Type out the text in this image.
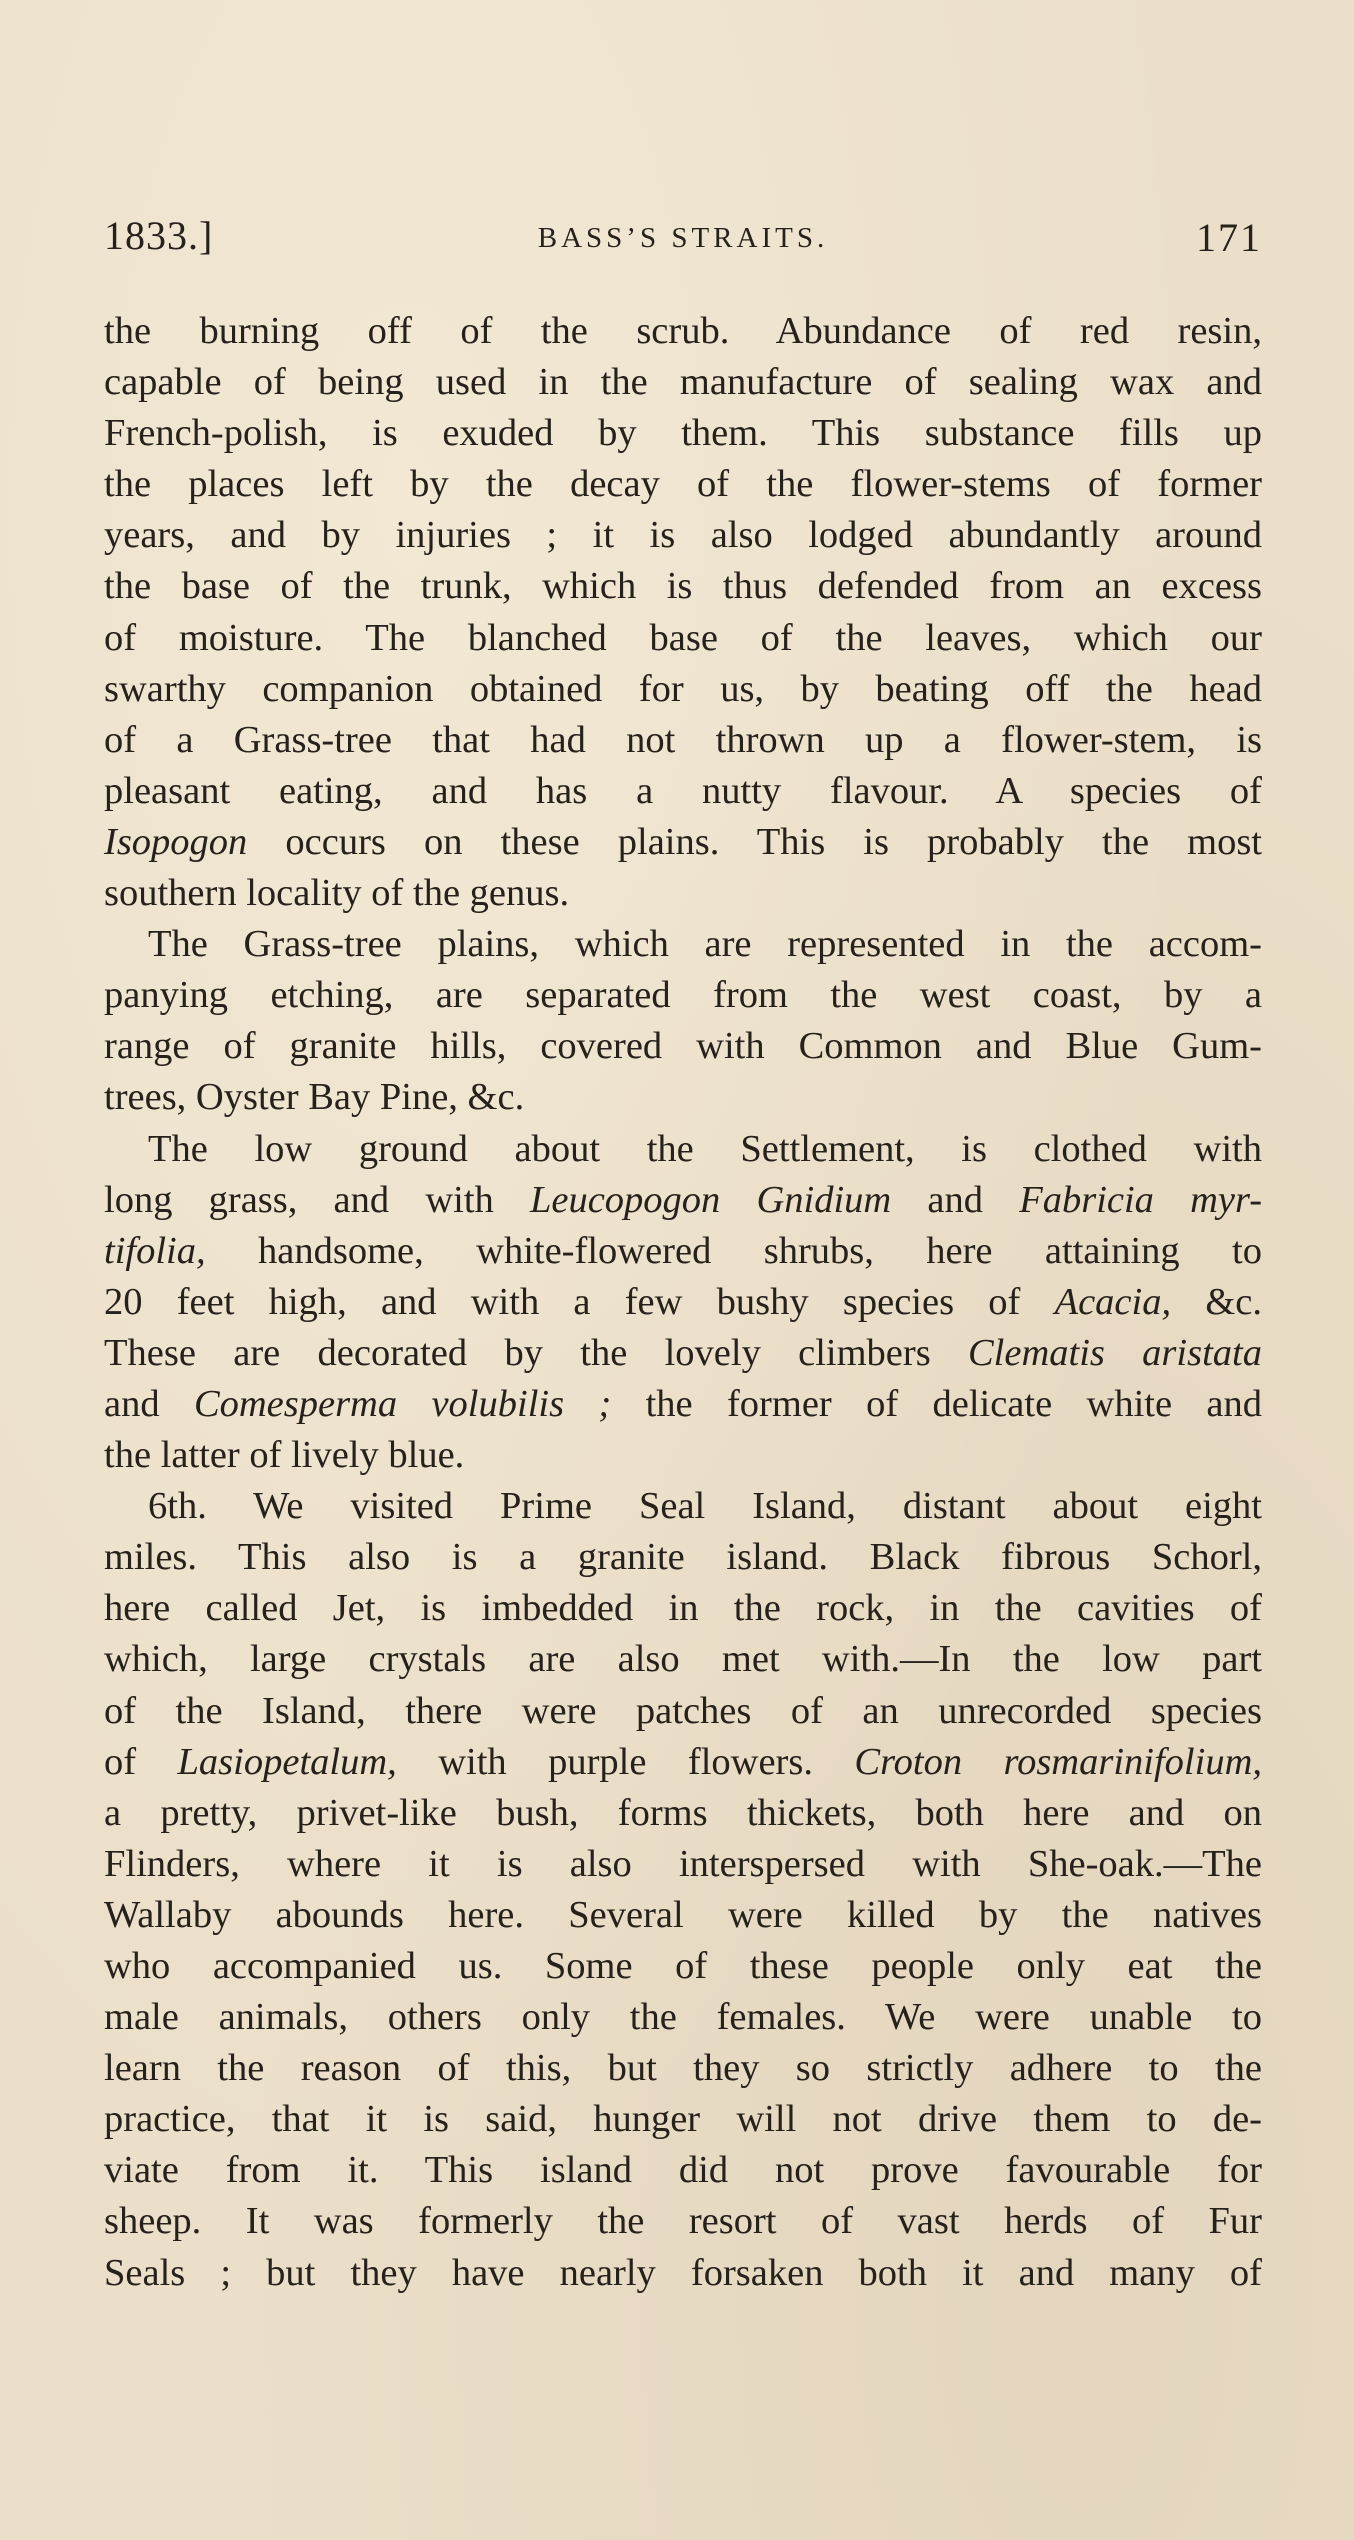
1833.]	BASS’S STRAITS.	171
the burning off of the scrub. Abundance of red resin,
capable of being used in the manufacture of sealing wax and
French-polish, is exuded by them. This substance fills up
the places left by the decay of the flower-stems of former
years, and by injuries ; it is also lodged abundantly around
the base of the trunk, which is thus defended from an excess
of moisture. The blanched base of the leaves, which our
swarthy companion obtained for us, by beating off the head
of a Grass-tree that had not thrown up a flower-stem, is
pleasant eating, and has a nutty flavour. A species of
Isopogon occurs on these plains. This is probably the most
southern locality of the genus.
The Grass-tree plains, which are represented in the accom-
panying etching, are separated from the west coast, by a
range of granite hills, covered with Common and Blue Gum-
trees, Oyster Bay Pine, &c.
The low ground about the Settlement, is clothed with
long grass, and with Leucopogon Gnidium and Fabricia myr-
tifolia, handsome, white-flowered shrubs, here attaining to
20 feet high, and with a few bushy species of Acacia, &c.
These are decorated by the lovely climbers Clematis aristata
and Comesperma volubilis ; the former of delicate white and
the latter of lively blue.
6th. We visited Prime Seal Island, distant about eight
miles. This also is a granite island. Black fibrous Schorl,
here called Jet, is imbedded in the rock, in the cavities of
which, large crystals are also met with.—In the low part
of the Island, there were patches of an unrecorded species
of Lasiopetalum, with purple flowers. Croton rosmarinifolium,
a pretty, privet-like bush, forms thickets, both here and on
Flinders, where it is also interspersed with She-oak.—The
Wallaby abounds here. Several were killed by the natives
who accompanied us. Some of these people only eat the
male animals, others only the females. We were unable to
learn the reason of this, but they so strictly adhere to the
practice, that it is said, hunger will not drive them to de-
viate from it. This island did not prove favourable for
sheep. It was formerly the resort of vast herds of Fur
Seals ; but they have nearly forsaken both it and many of
